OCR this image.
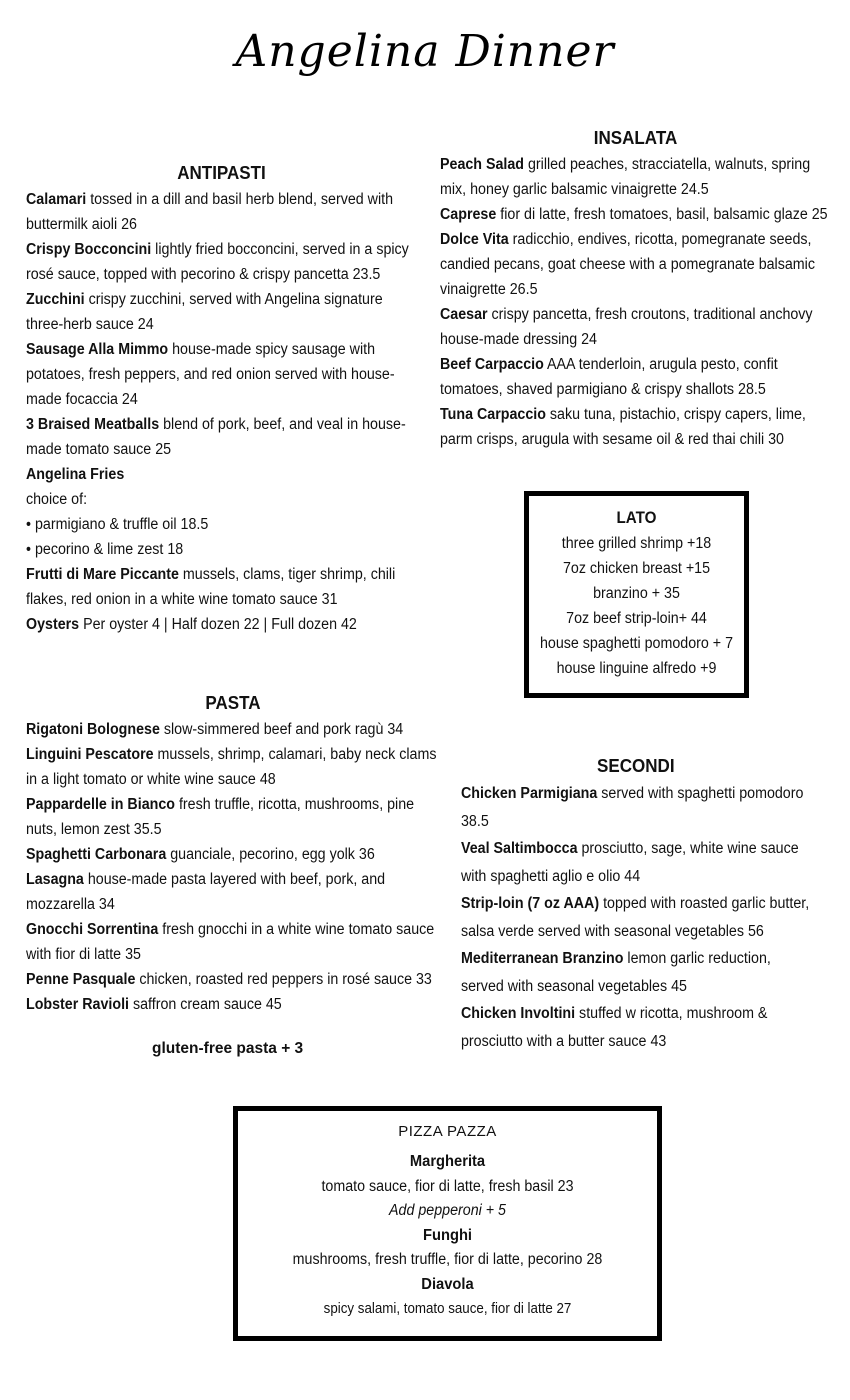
Angelina Dinner
ANTIPASTI

Calamari tossed in a dill and basil herb blend, served with buttermilk aioli 26

Crispy Bocconcini lightly fried bocconcini, served in a spicy rosé sauce, topped with pecorino & crispy pancetta 23.5

Zucchini crispy zucchini, served with Angelina signature three-herb sauce 24

Sausage Alla Mimmo house-made spicy sausage with potatoes, fresh peppers, and red onion served with house-made focaccia 24

3 Braised Meatballs blend of pork, beef, and veal in house-made tomato sauce 25

Angelina Fries

choice of:

• parmigiano & truffle oil 18.5

• pecorino & lime zest 18

Frutti di Mare Piccante mussels, clams, tiger shrimp, chili flakes, red onion in a white wine tomato sauce 31

Oysters Per oyster 4 | Half dozen 22 | Full dozen 42

INSALATA

Peach Salad grilled peaches, stracciatella, walnuts, spring mix, honey garlic balsamic vinaigrette 24.5

Caprese fior di latte, fresh tomatoes, basil, balsamic glaze 25

Dolce Vita radicchio, endives, ricotta, pomegranate seeds, candied pecans, goat cheese with a pomegranate balsamic vinaigrette 26.5

Caesar crispy pancetta, fresh croutons, traditional anchovy house-made dressing 24

Beef Carpaccio AAA tenderloin, arugula pesto, confit tomatoes, shaved parmigiano & crispy shallots 28.5

Tuna Carpaccio saku tuna, pistachio, crispy capers, lime, parm crisps, arugula with sesame oil & red thai chili 30

LATO
three grilled shrimp +18
7oz chicken breast +15
branzino + 35
7oz beef strip-loin+ 44
house spaghetti pomodoro + 7
house linguine alfredo +9
PASTA

Rigatoni Bolognese slow-simmered beef and pork ragù 34

Linguini Pescatore mussels, shrimp, calamari, baby neck clams in a light tomato or white wine sauce 48

Pappardelle in Bianco fresh truffle, ricotta, mushrooms, pine nuts, lemon zest 35.5

Spaghetti Carbonara guanciale, pecorino, egg yolk 36

Lasagna house-made pasta layered with beef, pork, and mozzarella 34

Gnocchi Sorrentina fresh gnocchi in a white wine tomato sauce with fior di latte 35

Penne Pasquale chicken, roasted red peppers in rosé sauce 33

Lobster Ravioli saffron cream sauce 45

gluten-free pasta + 3
SECONDI

Chicken Parmigiana served with spaghetti pomodoro 38.5

Veal Saltimbocca prosciutto, sage, white wine sauce with spaghetti aglio e olio 44

Strip-loin (7 oz AAA) topped with roasted garlic butter, salsa verde served with seasonal vegetables 56

Mediterranean Branzino lemon garlic reduction, served with seasonal vegetables 45

Chicken Involtini stuffed w ricotta, mushroom & prosciutto with a butter sauce 43

PIZZA PAZZA
Margherita
tomato sauce, fior di latte, fresh basil 23
Add pepperoni + 5
Funghi
mushrooms, fresh truffle, fior di latte, pecorino 28
Diavola
spicy salami, tomato sauce, fior di latte 27
